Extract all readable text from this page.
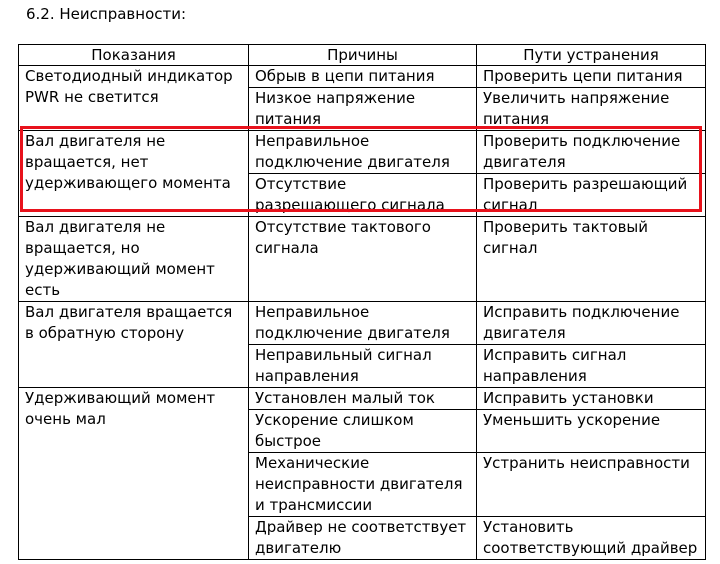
6.2. Неисправности:
Показания	Причины	Пути устранения
Светодиодный индикатор PWR не светится	Обрыв в цепи питания	Проверить цепи питания
	Низкое напряжение питания	Увеличить напряжение питания
Вал двигателя не вращается, нет удерживающего момента	Неправильное подключение двигателя	Проверить подключение двигателя
	Отсутствие разрешающего сигнала	Проверить разрешающий сигнал
Вал двигателя не вращается, но удерживающий момент есть	Отсутствие тактового сигнала	Проверить тактовый сигнал
Вал двигателя вращается в обратную сторону	Неправильное подключение двигателя	Исправить подключение двигателя
	Неправильный сигнал направления	Исправить сигнал направления
Удерживающий момент очень мал	Установлен малый ток	Исправить установки
	Ускорение слишком быстрое	Уменьшить ускорение
	Механические неисправности двигателя и трансмиссии	Устранить неисправности
	Драйвер не соответствует двигателю	Установить соответствующий драйвер
